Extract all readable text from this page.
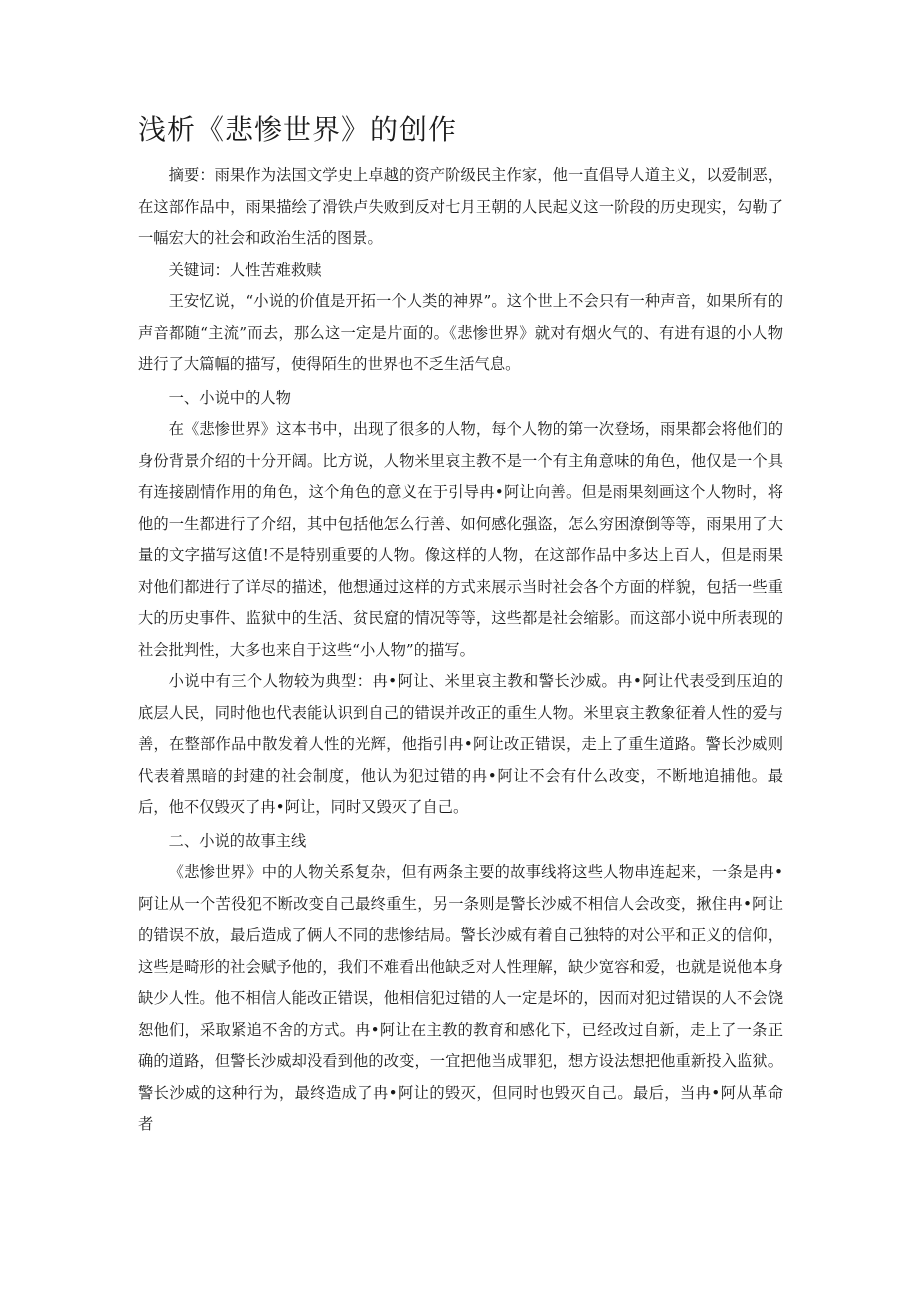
浅析《悲惨世界》的创作

摘要：雨果作为法国文学史上卓越的资产阶级民主作家，他一直倡导人道主义，以爱制恶，在这部作品中，雨果描绘了滑铁卢失败到反对七月王朝的人民起义这一阶段的历史现实，勾勒了一幅宏大的社会和政治生活的图景。

关键词：人性苦难救赎

王安忆说，“小说的价值是开拓一个人类的神界”。这个世上不会只有一种声音，如果所有的声音都随“主流”而去，那么这一定是片面的。《悲惨世界》就对有烟火气的、有进有退的小人物进行了大篇幅的描写，使得陌生的世界也不乏生活气息。

一、小说中的人物

在《悲惨世界》这本书中，出现了很多的人物，每个人物的第一次登场，雨果都会将他们的身份背景介绍的十分开阔。比方说，人物米里哀主教不是一个有主角意味的角色，他仅是一个具有连接剧情作用的角色，这个角色的意义在于引导冉•阿让向善。但是雨果刻画这个人物时，将他的一生都进行了介绍，其中包括他怎么行善、如何感化强盗，怎么穷困潦倒等等，雨果用了大量的文字描写这值!不是特别重要的人物。像这样的人物，在这部作品中多达上百人，但是雨果对他们都进行了详尽的描述，他想通过这样的方式来展示当时社会各个方面的样貌，包括一些重大的历史事件、监狱中的生活、贫民窟的情况等等，这些都是社会缩影。而这部小说中所表现的社会批判性，大多也来自于这些“小人物”的描写。

小说中有三个人物较为典型：冉•阿让、米里哀主教和警长沙威。冉•阿让代表受到压迫的底层人民，同时他也代表能认识到自己的错误并改正的重生人物。米里哀主教象征着人性的爱与善，在整部作品中散发着人性的光辉，他指引冉•阿让改正错误，走上了重生道路。警长沙威则代表着黑暗的封建的社会制度，他认为犯过错的冉•阿让不会有什么改变，不断地追捕他。最后，他不仅毁灭了冉•阿让，同时又毁灭了自己。

二、小说的故事主线

《悲惨世界》中的人物关系复杂，但有两条主要的故事线将这些人物串连起来，一条是冉•阿让从一个苦役犯不断改变自己最终重生，另一条则是警长沙威不相信人会改变，揪住冉•阿让的错误不放，最后造成了俩人不同的悲惨结局。警长沙威有着自己独特的对公平和正义的信仰，这些是畸形的社会赋予他的，我们不难看出他缺乏对人性理解，缺少宽容和爱，也就是说他本身缺少人性。他不相信人能改正错误，他相信犯过错的人一定是坏的，因而对犯过错误的人不会饶恕他们，采取紧追不舍的方式。冉•阿让在主教的教育和感化下，已经改过自新，走上了一条正确的道路，但警长沙威却没看到他的改变，一宜把他当成罪犯，想方设法想把他重新投入监狱。警长沙威的这种行为，最终造成了冉•阿让的毁灭，但同时也毁灭自己。最后，当冉•阿从革命者
